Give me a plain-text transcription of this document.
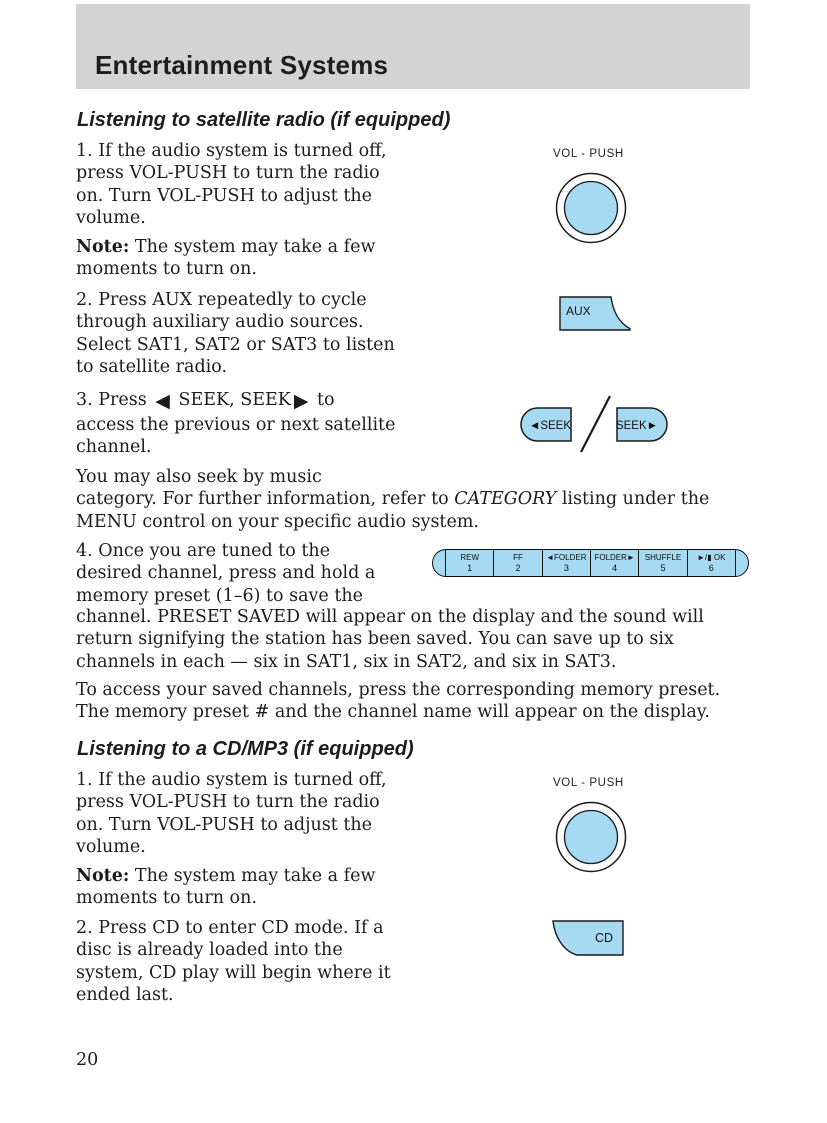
Entertainment Systems
Listening to satellite radio (if equipped)
1. If the audio system is turned off,
press VOL-PUSH to turn the radio
on. Turn VOL-PUSH to adjust the
volume.
Note: The system may take a few
moments to turn on.
2. Press AUX repeatedly to cycle
through auxiliary audio sources.
Select SAT1, SAT2 or SAT3 to listen
to satellite radio.
3. Press ◀ SEEK, SEEK ▶ to
access the previous or next satellite
channel.
You may also seek by music
category. For further information, refer to CATEGORY listing under the
MENU control on your specific audio system.
4. Once you are tuned to the
desired channel, press and hold a
memory preset (1–6) to save the
channel. PRESET SAVED will appear on the display and the sound will
return signifying the station has been saved. You can save up to six
channels in each — six in SAT1, six in SAT2, and six in SAT3.
To access your saved channels, press the corresponding memory preset.
The memory preset # and the channel name will appear on the display.
Listening to a CD/MP3 (if equipped)
1. If the audio system is turned off,
press VOL-PUSH to turn the radio
on. Turn VOL-PUSH to adjust the
volume.
Note: The system may take a few
moments to turn on.
2. Press CD to enter CD mode. If a
disc is already loaded into the
system, CD play will begin where it
ended last.
VOL - PUSH
AUX
◄SEEK	SEEK►
REW
1
FF
2
◄FOLDER
3
FOLDER►
4
SHUFFLE
5
►/▮ OK
6
VOL - PUSH
CD
20
